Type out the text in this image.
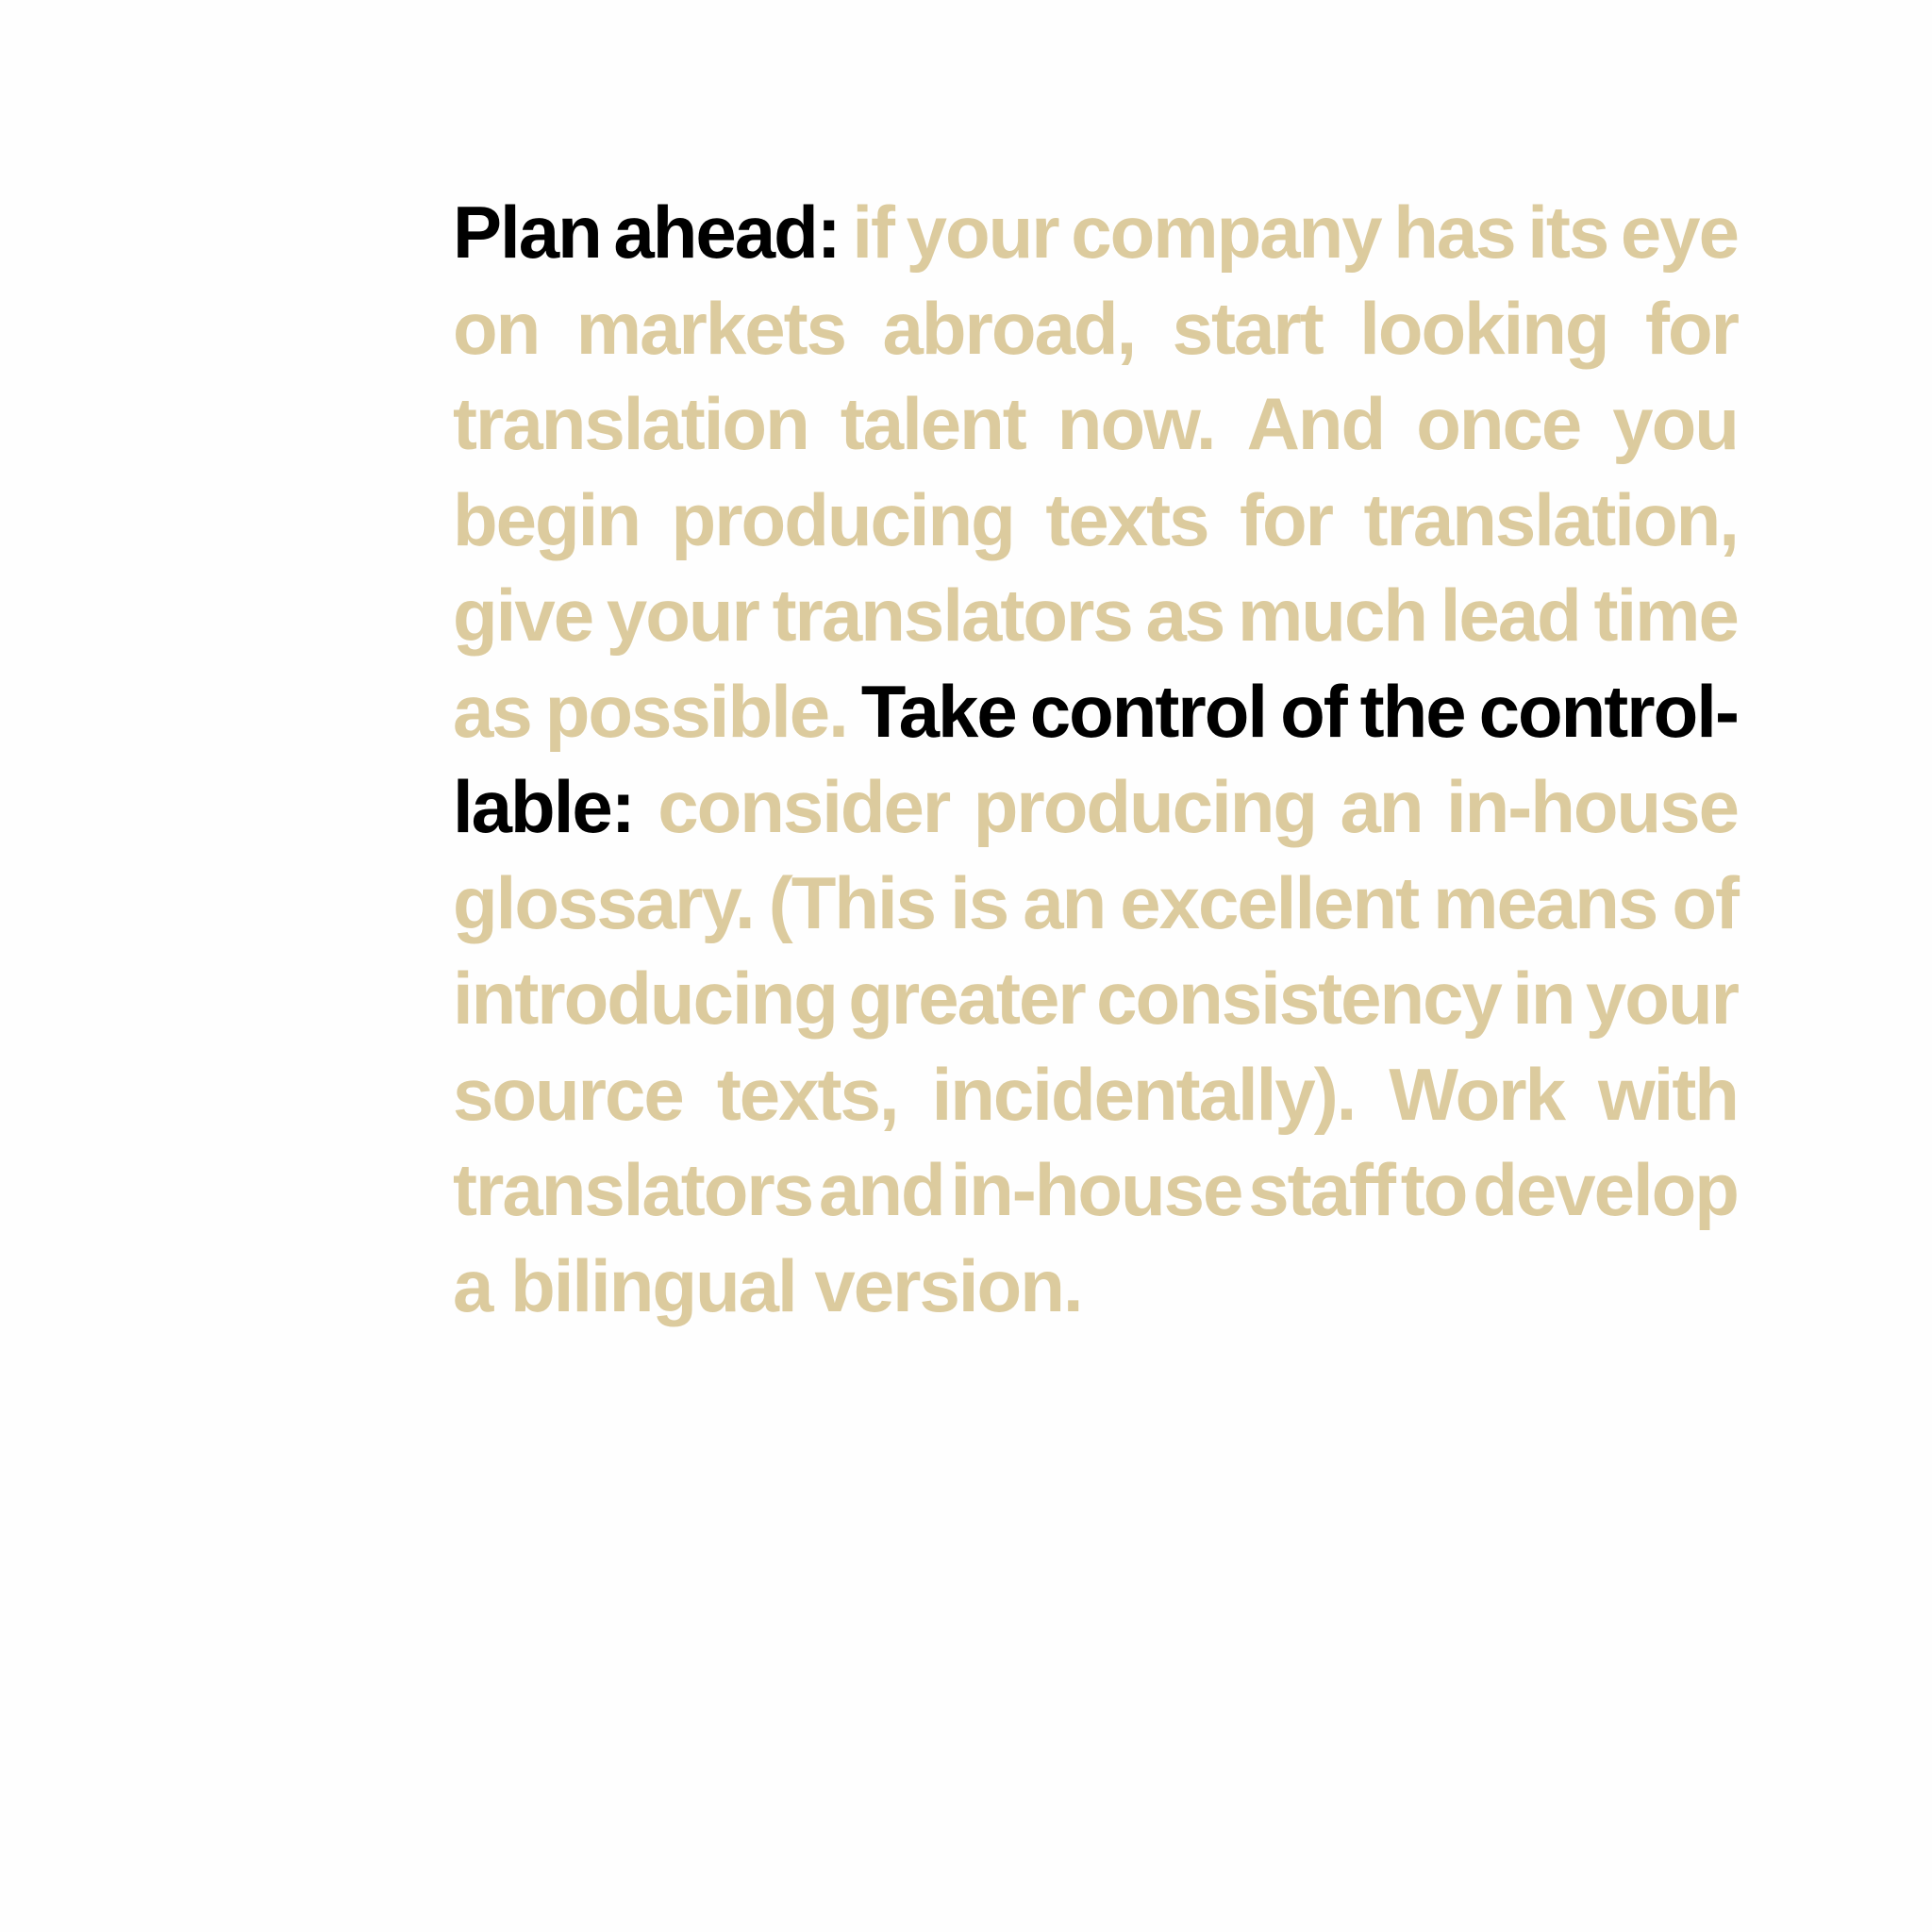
Plan ahead: if your company has its eye
on markets abroad, start looking for
translation talent now. And once you
begin producing texts for translation,
give your translators as much lead time
as possible. Take control of the control-
lable: consider producing an in-house
glossary. (This is an excellent means of
introducing greater consistency in your
source texts, incidentally). Work with
translators and in-house staff to develop
a
bilingual
version.
